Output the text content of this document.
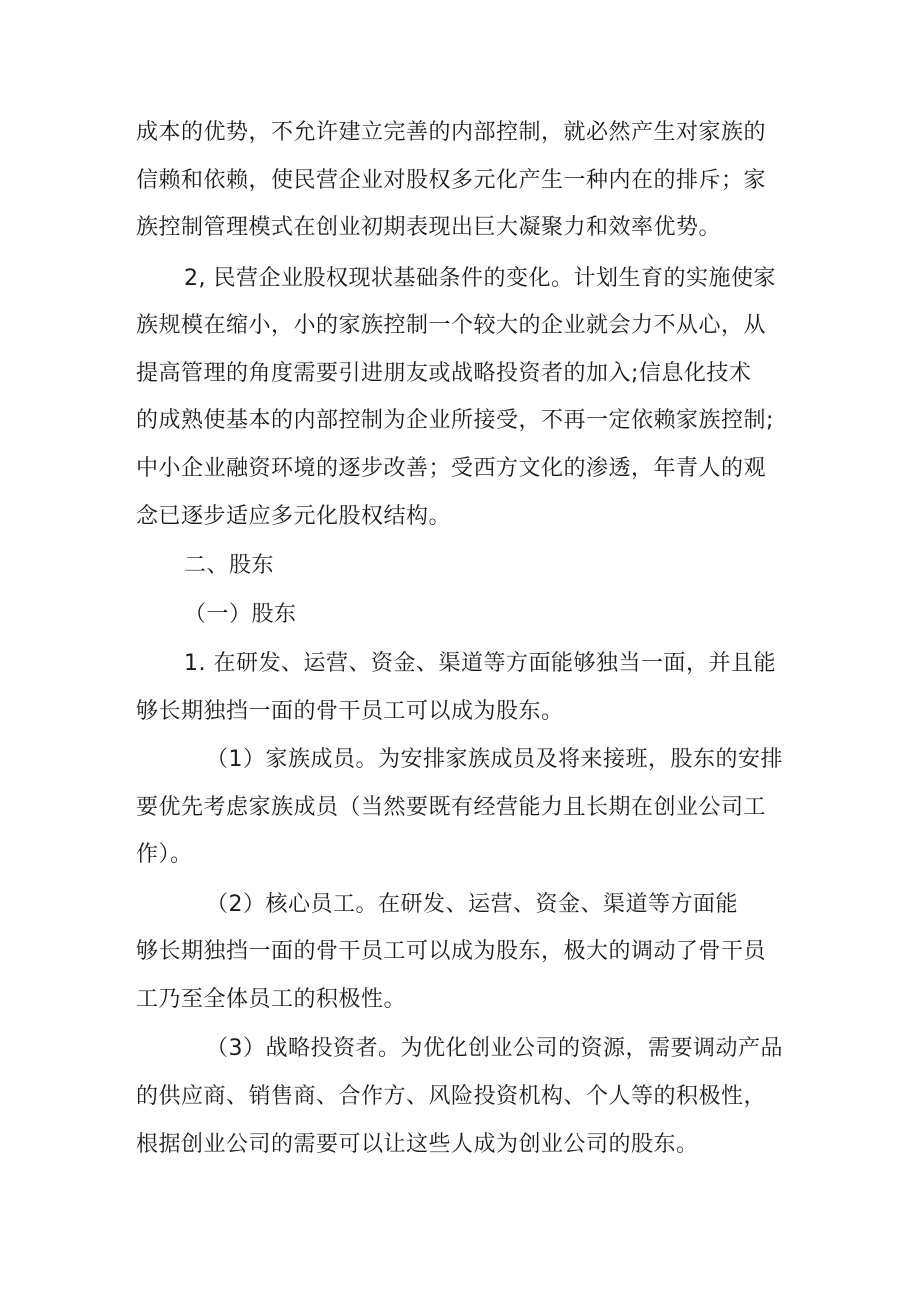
成本的优势，不允许建立完善的内部控制，就必然产生对家族的
信赖和依赖，使民营企业对股权多元化产生一种内在的排斥；家
族控制管理模式在创业初期表现出巨大凝聚力和效率优势。
2, 民营企业股权现状基础条件的变化。计划生育的实施使家
族规模在缩小，小的家族控制一个较大的企业就会力不从心，从
提高管理的角度需要引进朋友或战略投资者的加入;信息化技术
的成熟使基本的内部控制为企业所接受，不再一定依赖家族控制;
中小企业融资环境的逐步改善；受西方文化的渗透，年青人的观
念已逐步适应多元化股权结构。
二、股东
（一）股东
1. 在研发、运营、资金、渠道等方面能够独当一面，并且能
够长期独挡一面的骨干员工可以成为股东。
（1）家族成员。为安排家族成员及将来接班，股东的安排
要优先考虑家族成员（当然要既有经营能力且长期在创业公司工
作）。
（2）核心员工。在研发、运营、资金、渠道等方面能
够长期独挡一面的骨干员工可以成为股东，极大的调动了骨干员
工乃至全体员工的积极性。
（3）战略投资者。为优化创业公司的资源，需要调动产品
的供应商、销售商、合作方、风险投资机构、个人等的积极性，
根据创业公司的需要可以让这些人成为创业公司的股东。
